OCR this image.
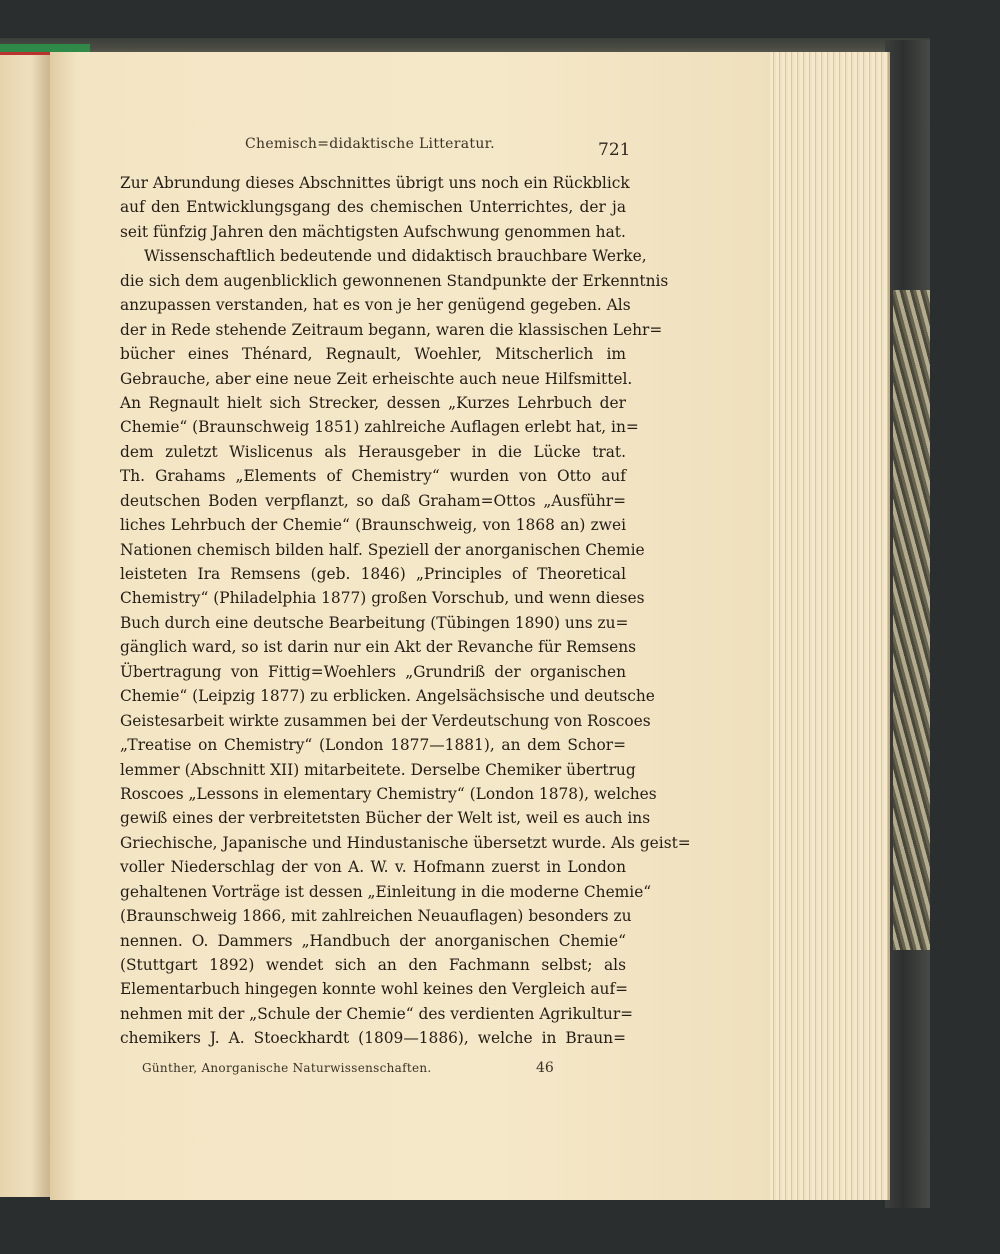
Chemisch=didaktische Litteratur.	721
Zur Abrundung dieses Abschnittes übrigt uns noch ein Rückblick
auf den Entwicklungsgang des chemischen Unterrichtes, der ja
seit fünfzig Jahren den mächtigsten Aufschwung genommen hat.
Wissenschaftlich bedeutende und didaktisch brauchbare Werke,
die sich dem augenblicklich gewonnenen Standpunkte der Erkenntnis
anzupassen verstanden, hat es von je her genügend gegeben. Als
der in Rede stehende Zeitraum begann, waren die klassischen Lehr=
bücher eines Thénard, Regnault, Woehler, Mitscherlich im
Gebrauche, aber eine neue Zeit erheischte auch neue Hilfsmittel.
An Regnault hielt sich Strecker, dessen „Kurzes Lehrbuch der
Chemie“ (Braunschweig 1851) zahlreiche Auflagen erlebt hat, in=
dem zuletzt Wislicenus als Herausgeber in die Lücke trat.
Th. Grahams „Elements of Chemistry“ wurden von Otto auf
deutschen Boden verpflanzt, so daß Graham=Ottos „Ausführ=
liches Lehrbuch der Chemie“ (Braunschweig, von 1868 an) zwei
Nationen chemisch bilden half. Speziell der anorganischen Chemie
leisteten Ira Remsens (geb. 1846) „Principles of Theoretical
Chemistry“ (Philadelphia 1877) großen Vorschub, und wenn dieses
Buch durch eine deutsche Bearbeitung (Tübingen 1890) uns zu=
gänglich ward, so ist darin nur ein Akt der Revanche für Remsens
Übertragung von Fittig=Woehlers „Grundriß der organischen
Chemie“ (Leipzig 1877) zu erblicken. Angelsächsische und deutsche
Geistesarbeit wirkte zusammen bei der Verdeutschung von Roscoes
„Treatise on Chemistry“ (London 1877—1881), an dem Schor=
lemmer (Abschnitt XII) mitarbeitete. Derselbe Chemiker übertrug
Roscoes „Lessons in elementary Chemistry“ (London 1878), welches
gewiß eines der verbreitetsten Bücher der Welt ist, weil es auch ins
Griechische, Japanische und Hindustanische übersetzt wurde. Als geist=
voller Niederschlag der von A. W. v. Hofmann zuerst in London
gehaltenen Vorträge ist dessen „Einleitung in die moderne Chemie“
(Braunschweig 1866, mit zahlreichen Neuauflagen) besonders zu
nennen. O. Dammers „Handbuch der anorganischen Chemie“
(Stuttgart 1892) wendet sich an den Fachmann selbst; als
Elementarbuch hingegen konnte wohl keines den Vergleich auf=
nehmen mit der „Schule der Chemie“ des verdienten Agrikultur=
chemikers J. A. Stoeckhardt (1809—1886), welche in Braun=
Günther, Anorganische Naturwissenschaften.	46
